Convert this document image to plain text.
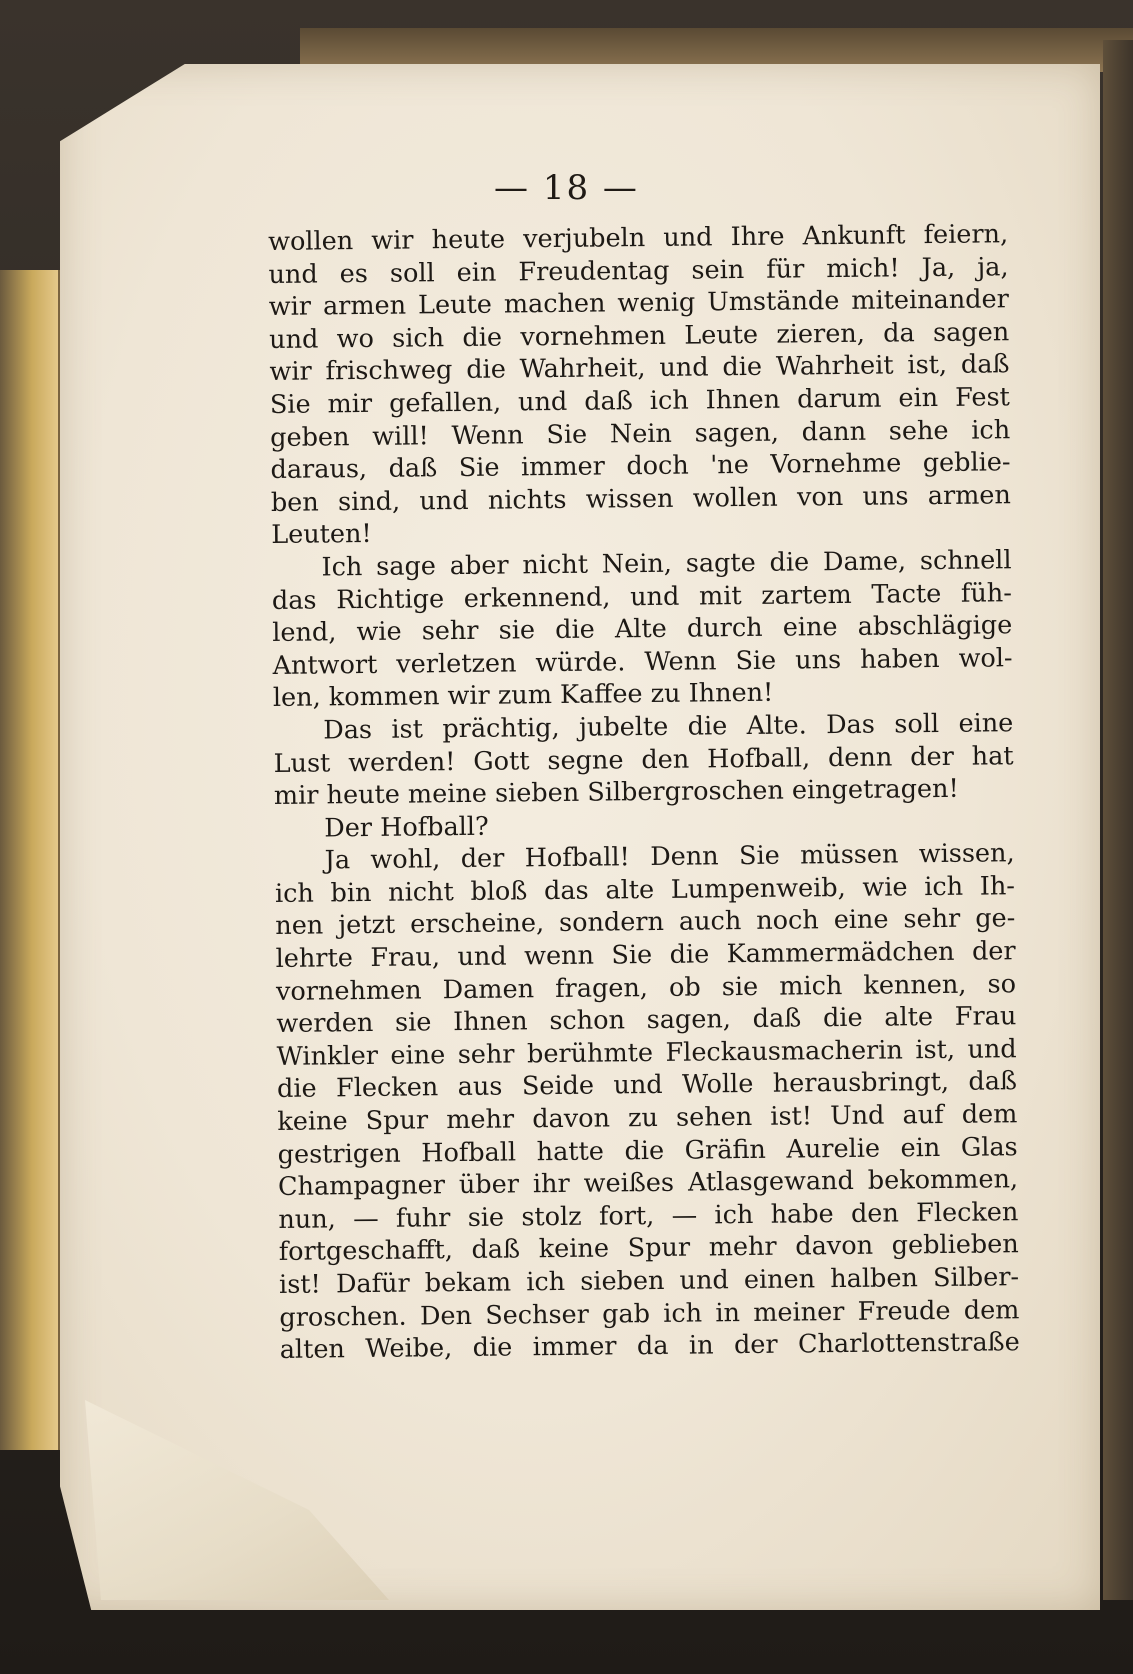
— 18 —
wollen wir heute verjubeln und Ihre Ankunft feiern,
und es soll ein Freudentag sein für mich! Ja, ja,
wir armen Leute machen wenig Umstände miteinander
und wo sich die vornehmen Leute zieren, da sagen
wir frischweg die Wahrheit, und die Wahrheit ist, daß
Sie mir gefallen, und daß ich Ihnen darum ein Fest
geben will! Wenn Sie Nein sagen, dann sehe ich
daraus, daß Sie immer doch 'ne Vornehme geblie-
ben sind, und nichts wissen wollen von uns armen
Leuten!
Ich sage aber nicht Nein, sagte die Dame, schnell
das Richtige erkennend, und mit zartem Tacte füh-
lend, wie sehr sie die Alte durch eine abschlägige
Antwort verletzen würde. Wenn Sie uns haben wol-
len, kommen wir zum Kaffee zu Ihnen!
Das ist prächtig, jubelte die Alte. Das soll eine
Lust werden! Gott segne den Hofball, denn der hat
mir heute meine sieben Silbergroschen eingetragen!
Der Hofball?
Ja wohl, der Hofball! Denn Sie müssen wissen,
ich bin nicht bloß das alte Lumpenweib, wie ich Ih-
nen jetzt erscheine, sondern auch noch eine sehr ge-
lehrte Frau, und wenn Sie die Kammermädchen der
vornehmen Damen fragen, ob sie mich kennen, so
werden sie Ihnen schon sagen, daß die alte Frau
Winkler eine sehr berühmte Fleckausmacherin ist, und
die Flecken aus Seide und Wolle herausbringt, daß
keine Spur mehr davon zu sehen ist! Und auf dem
gestrigen Hofball hatte die Gräfin Aurelie ein Glas
Champagner über ihr weißes Atlasgewand bekommen,
nun, — fuhr sie stolz fort, — ich habe den Flecken
fortgeschafft, daß keine Spur mehr davon geblieben
ist! Dafür bekam ich sieben und einen halben Silber-
groschen. Den Sechser gab ich in meiner Freude dem
alten Weibe, die immer da in der Charlottenstraße
